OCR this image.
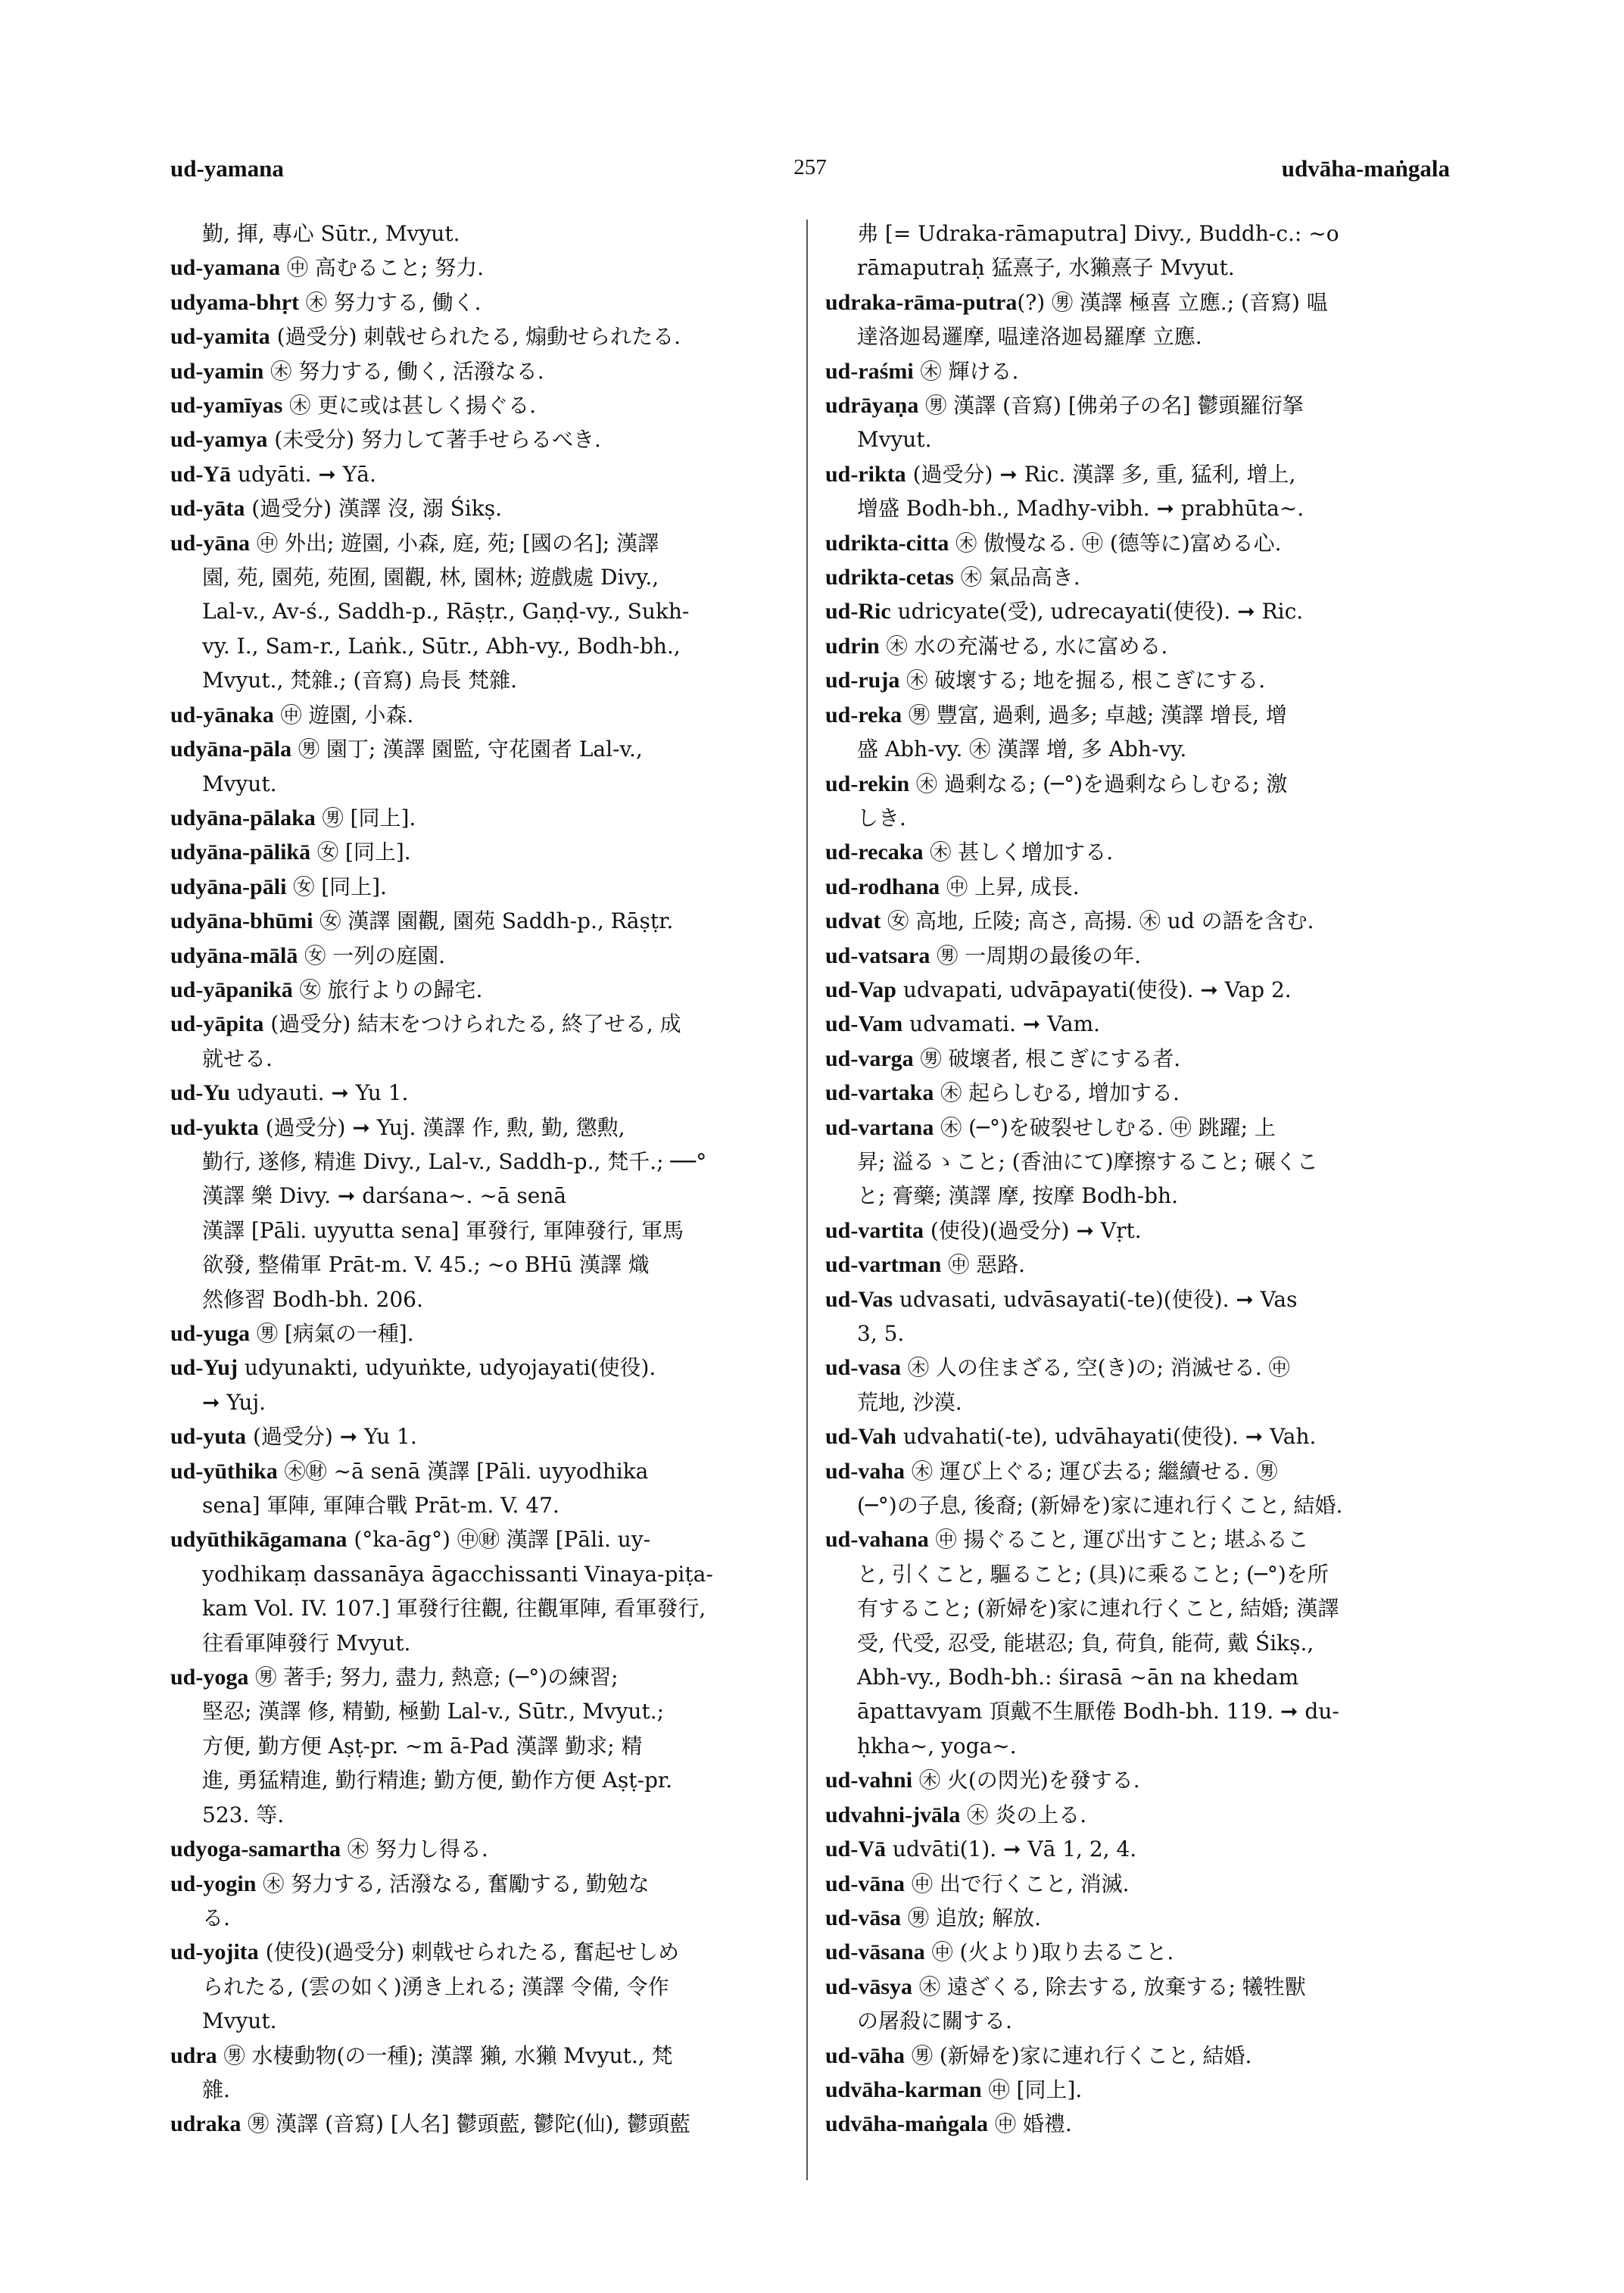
ud-yamana	257	udvāha-maṅgala
勤, 揮, 專心 Sūtr., Mvyut.
ud-yamana ㊥ 高むること; 努力.
udyama-bhṛt ㊍ 努力する, 働く.
ud-yamita (過受分) 刺戟せられたる, 煽動せられたる.
ud-yamin ㊍ 努力する, 働く, 活潑なる.
ud-yamīyas ㊍ 更に或は甚しく揚ぐる.
ud-yamya (未受分) 努力して著手せらるべき.
ud-Yā udyāti. ➞ Yā.
ud-yāta (過受分) 漢譯 沒, 溺 Śikṣ.
ud-yāna ㊥ 外出; 遊園, 小森, 庭, 苑; [國の名]; 漢譯
園, 苑, 園苑, 苑囿, 園觀, 林, 園林; 遊戲處 Divy.,
Lal-v., Av-ś., Saddh-p., Rāṣṭr., Gaṇḍ-vy., Sukh-
vy. I., Sam-r., Laṅk., Sūtr., Abh-vy., Bodh-bh.,
Mvyut., 梵雜.; (音寫) 烏長 梵雜.
ud-yānaka ㊥ 遊園, 小森.
udyāna-pāla ㊚ 園丁; 漢譯 園監, 守花園者 Lal-v.,
Mvyut.
udyāna-pālaka ㊚ [同上].
udyāna-pālikā ㊛ [同上].
udyāna-pāli ㊛ [同上].
udyāna-bhūmi ㊛ 漢譯 園觀, 園苑 Saddh-p., Rāṣṭr.
udyāna-mālā ㊛ 一列の庭園.
ud-yāpanikā ㊛ 旅行よりの歸宅.
ud-yāpita (過受分) 結末をつけられたる, 終了せる, 成
就せる.
ud-Yu udyauti. ➞ Yu 1.
ud-yukta (過受分) ➞ Yuj. 漢譯 作, 勲, 勤, 懲勲,
勤行, 遂修, 精進 Divy., Lal-v., Saddh-p., 梵千.; ──°
漢譯 樂 Divy. ➞ darśana∼. ∼ā senā
漢譯 [Pāli. uyyutta sena] 軍發行, 軍陣發行, 軍馬
欲發, 整備軍 Prāt-m. V. 45.; ∼o BHū 漢譯 熾
然修習 Bodh-bh. 206.
ud-yuga ㊚ [病氣の一種].
ud-Yuj udyunakti, udyuṅkte, udyojayati(使役).
➞ Yuj.
ud-yuta (過受分) ➞ Yu 1.
ud-yūthika ㊍㊖ ∼ā senā 漢譯 [Pāli. uyyodhika
sena] 軍陣, 軍陣合戰 Prāt-m. V. 47.
udyūthikāgamana (°ka-āg°) ㊥㊖ 漢譯 [Pāli. uy-
yodhikaṃ dassanāya āgacchissanti Vinaya-piṭa-
kam Vol. IV. 107.] 軍發行往觀, 往觀軍陣, 看軍發行,
往看軍陣發行 Mvyut.
ud-yoga ㊚ 著手; 努力, 盡力, 熱意; (─°)の練習;
堅忍; 漢譯 修, 精勤, 極勤 Lal-v., Sūtr., Mvyut.;
方便, 勤方便 Aṣṭ-pr. ∼m ā-Pad 漢譯 勤求; 精
進, 勇猛精進, 勤行精進; 勤方便, 勤作方便 Aṣṭ-pr.
523. 等.
udyoga-samartha ㊍ 努力し得る.
ud-yogin ㊍ 努力する, 活潑なる, 奮勵する, 勤勉な
る.
ud-yojita (使役)(過受分) 刺戟せられたる, 奮起せしめ
られたる, (雲の如く)湧き上れる; 漢譯 令備, 令作
Mvyut.
udra ㊚ 水棲動物(の一種); 漢譯 獺, 水獺 Mvyut., 梵
雜.
udraka ㊚ 漢譯 (音寫) [人名] 鬱頭藍, 鬱陀(仙), 鬱頭藍
弗 [= Udraka-rāmaputra] Divy., Buddh-c.: ∼o
rāmaputraḥ 猛熹子, 水獺熹子 Mvyut.
udraka-rāma-putra(?) ㊚ 漢譯 極喜 立應.; (音寫) 嗢
達洛迦曷邏摩, 嗢達洛迦曷羅摩 立應.
ud-raśmi ㊍ 輝ける.
udrāyaṇa ㊚ 漢譯 (音寫) [佛弟子の名] 鬱頭羅衍拏
Mvyut.
ud-rikta (過受分) ➞ Ric. 漢譯 多, 重, 猛利, 增上,
增盛 Bodh-bh., Madhy-vibh. ➞ prabhūta∼.
udrikta-citta ㊍ 傲慢なる. ㊥ (德等に)富める心.
udrikta-cetas ㊍ 氣品高き.
ud-Ric udricyate(受), udrecayati(使役). ➞ Ric.
udrin ㊍ 水の充滿せる, 水に富める.
ud-ruja ㊍ 破壞する; 地を掘る, 根こぎにする.
ud-reka ㊚ 豐富, 過剩, 過多; 卓越; 漢譯 增長, 增
盛 Abh-vy. ㊍ 漢譯 增, 多 Abh-vy.
ud-rekin ㊍ 過剩なる; (─°)を過剩ならしむる; 激
しき.
ud-recaka ㊍ 甚しく增加する.
ud-rodhana ㊥ 上昇, 成長.
udvat ㊛ 高地, 丘陵; 高さ, 高揚. ㊍ ud の語を含む.
ud-vatsara ㊚ 一周期の最後の年.
ud-Vap udvapati, udvāpayati(使役). ➞ Vap 2.
ud-Vam udvamati. ➞ Vam.
ud-varga ㊚ 破壞者, 根こぎにする者.
ud-vartaka ㊍ 起らしむる, 增加する.
ud-vartana ㊍ (─°)を破裂せしむる. ㊥ 跳躍; 上
昇; 溢るゝこと; (香油にて)摩擦すること; 碾くこ
と; 膏藥; 漢譯 摩, 按摩 Bodh-bh.
ud-vartita (使役)(過受分) ➞ Vṛt.
ud-vartman ㊥ 惡路.
ud-Vas udvasati, udvāsayati(-te)(使役). ➞ Vas
3, 5.
ud-vasa ㊍ 人の住まざる, 空(き)の; 消滅せる. ㊥
荒地, 沙漠.
ud-Vah udvahati(-te), udvāhayati(使役). ➞ Vah.
ud-vaha ㊍ 運び上ぐる; 運び去る; 繼續せる. ㊚
(─°)の子息, 後裔; (新婦を)家に連れ行くこと, 結婚.
ud-vahana ㊥ 揚ぐること, 運び出すこと; 堪ふるこ
と, 引くこと, 驅ること; (具)に乘ること; (─°)を所
有すること; (新婦を)家に連れ行くこと, 結婚; 漢譯
受, 代受, 忍受, 能堪忍; 負, 荷負, 能荷, 戴 Śikṣ.,
Abh-vy., Bodh-bh.: śirasā ∼ān na khedam
āpattavyam 頂戴不生厭倦 Bodh-bh. 119. ➞ du-
ḥkha∼, yoga∼.
ud-vahni ㊍ 火(の閃光)を發する.
udvahni-jvāla ㊍ 炎の上る.
ud-Vā udvāti(1). ➞ Vā 1, 2, 4.
ud-vāna ㊥ 出で行くこと, 消滅.
ud-vāsa ㊚ 追放; 解放.
ud-vāsana ㊥ (火より)取り去ること.
ud-vāsya ㊍ 遠ざくる, 除去する, 放棄する; 犧牲獸
の屠殺に關する.
ud-vāha ㊚ (新婦を)家に連れ行くこと, 結婚.
udvāha-karman ㊥ [同上].
udvāha-maṅgala ㊥ 婚禮.
